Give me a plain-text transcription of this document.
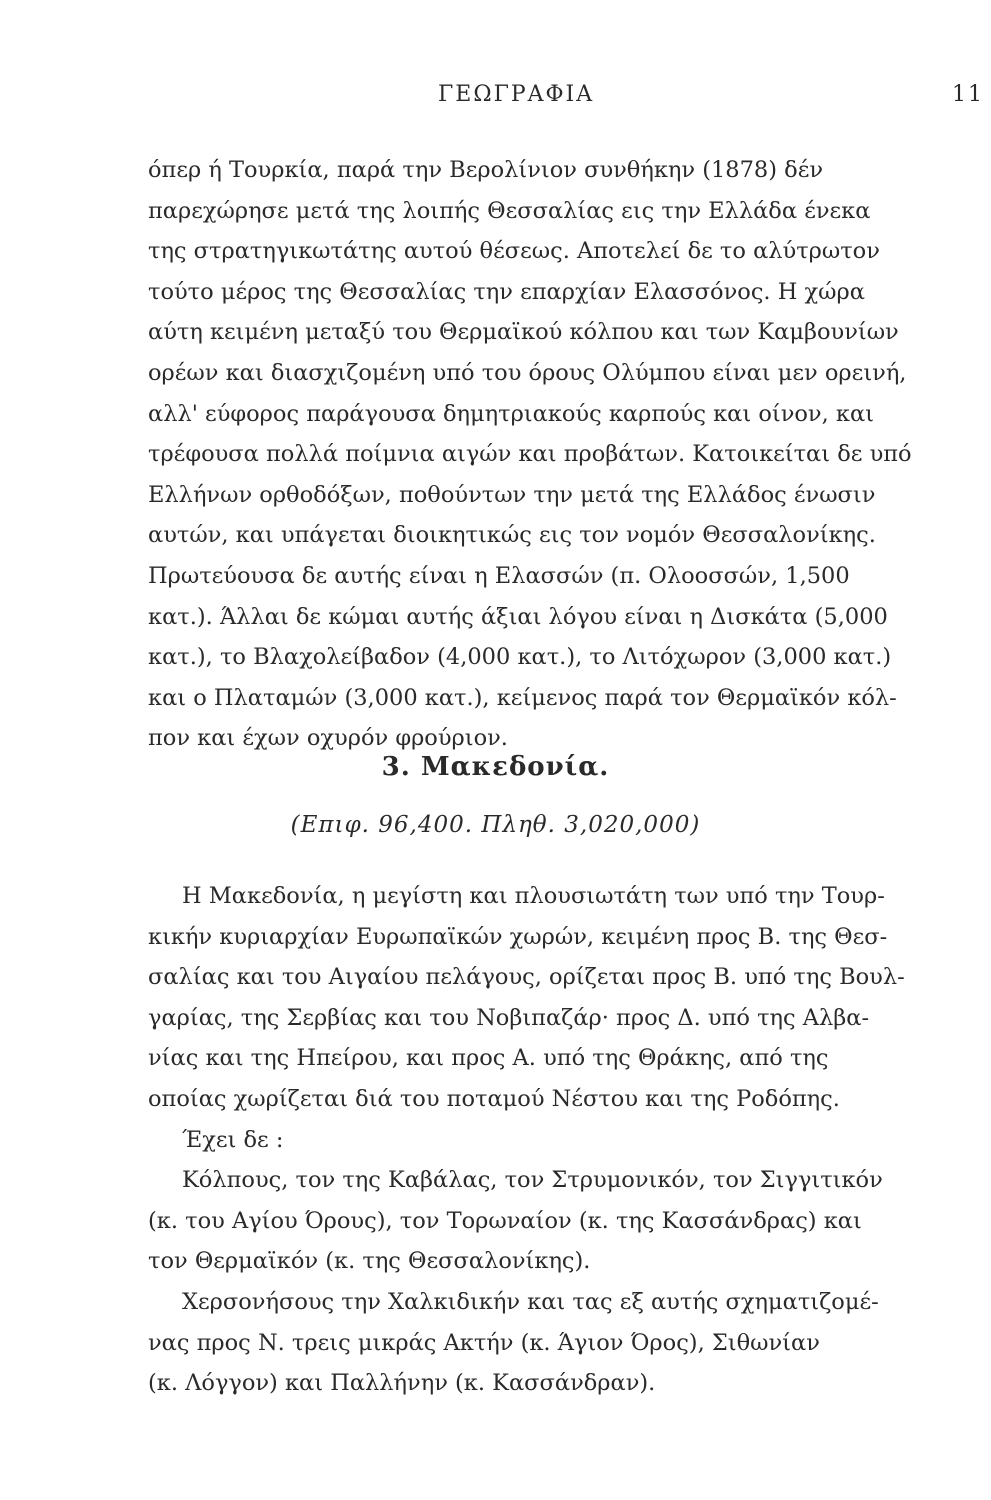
ΓΕΩΓΡΑΦΙΑ	11
όπερ ή Τουρκία, παρά την Βερολίνιον συνθήκην (1878) δέν
παρεχώρησε μετά της λοιπής Θεσσαλίας εις την Ελλάδα ένεκα
της στρατηγικωτάτης αυτού θέσεως. Αποτελεί δε το αλύτρωτον
τούτο μέρος της Θεσσαλίας την επαρχίαν Ελασσόνος. Η χώρα
αύτη κειμένη μεταξύ του Θερμαϊκού κόλπου και των Καμβουνίων
ορέων και διασχιζομένη υπό του όρους Ολύμπου είναι μεν ορεινή,
αλλ' εύφορος παράγουσα δημητριακούς καρπούς και οίνον, και
τρέφουσα πολλά ποίμνια αιγών και προβάτων. Κατοικείται δε υπό
Ελλήνων ορθοδόξων, ποθούντων την μετά της Ελλάδος ένωσιν
αυτών, και υπάγεται διοικητικώς εις τον νομόν Θεσσαλονίκης.
Πρωτεύουσα δε αυτής είναι η Ελασσών (π. Ολοοσσών, 1,500
κατ.). Άλλαι δε κώμαι αυτής άξιαι λόγου είναι η Δισκάτα (5,000
κατ.), το Βλαχολείβαδον (4,000 κατ.), το Λιτόχωρον (3,000 κατ.)
και ο Πλαταμών (3,000 κατ.), κείμενος παρά τον Θερμαϊκόν κόλ-
πον και έχων οχυρόν φρούριον.
3. Μακεδονία.
(Επιφ. 96,400. Πληθ. 3,020,000)
Η Μακεδονία, η μεγίστη και πλουσιωτάτη των υπό την Τουρ-
κικήν κυριαρχίαν Ευρωπαϊκών χωρών, κειμένη προς Β. της Θεσ-
σαλίας και του Αιγαίου πελάγους, ορίζεται προς Β. υπό της Βουλ-
γαρίας, της Σερβίας και του Νοβιπαζάρ· προς Δ. υπό της Αλβα-
νίας και της Ηπείρου, και προς Α. υπό της Θράκης, από της
οποίας χωρίζεται διά του ποταμού Νέστου και της Ροδόπης.
Έχει δε :
Κόλπους, τον της Καβάλας, τον Στρυμονικόν, τον Σιγγιτικόν
(κ. του Αγίου Όρους), τον Τορωναίον (κ. της Κασσάνδρας) και
τον Θερμαϊκόν (κ. της Θεσσαλονίκης).
Χερσονήσους την Χαλκιδικήν και τας εξ αυτής σχηματιζομέ-
νας προς Ν. τρεις μικράς Ακτήν (κ. Άγιον Όρος), Σιθωνίαν
(κ. Λόγγον) και Παλλήνην (κ. Κασσάνδραν).
